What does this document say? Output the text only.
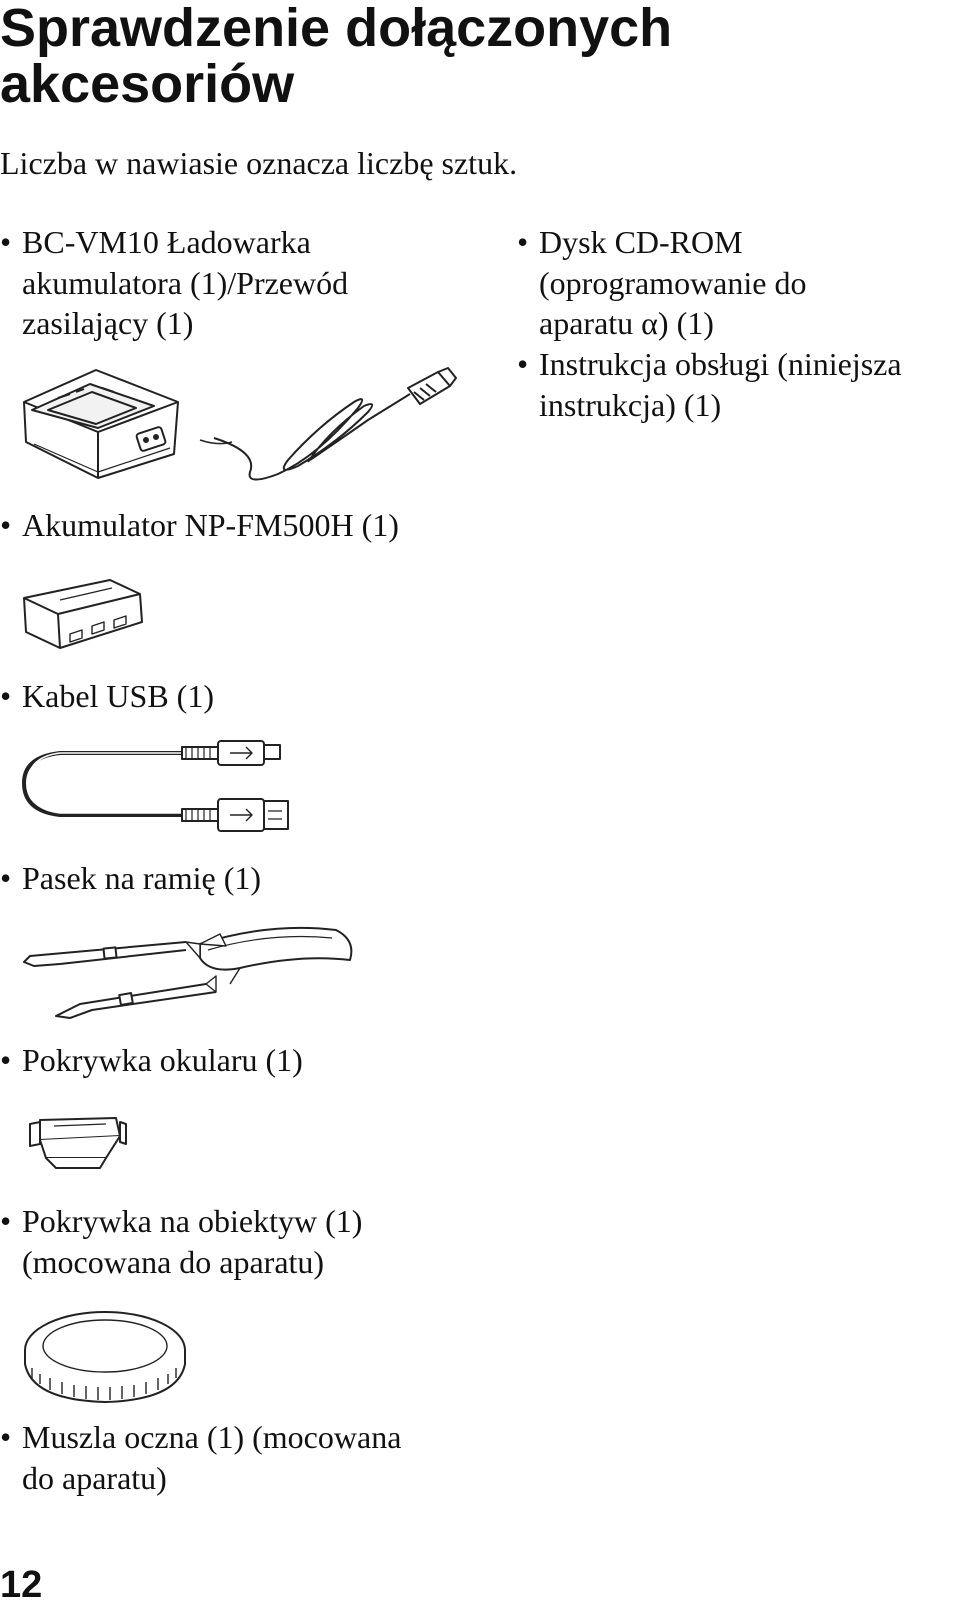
Sprawdzenie dołączonych
akcesoriów
Liczba w nawiasie oznacza liczbę sztuk.
• BC-VM10 Ładowarka
akumulatora (1)/Przewód
zasilający (1)
• Dysk CD-ROM
(oprogramowanie do
aparatu α) (1)
• Instrukcja obsługi (niniejsza
instrukcja) (1)
• Akumulator NP-FM500H (1)
• Kabel USB (1)
• Pasek na ramię (1)
• Pokrywka okularu (1)
• Pokrywka na obiektyw (1)
(mocowana do aparatu)
• Muszla oczna (1) (mocowana
do aparatu)
12
